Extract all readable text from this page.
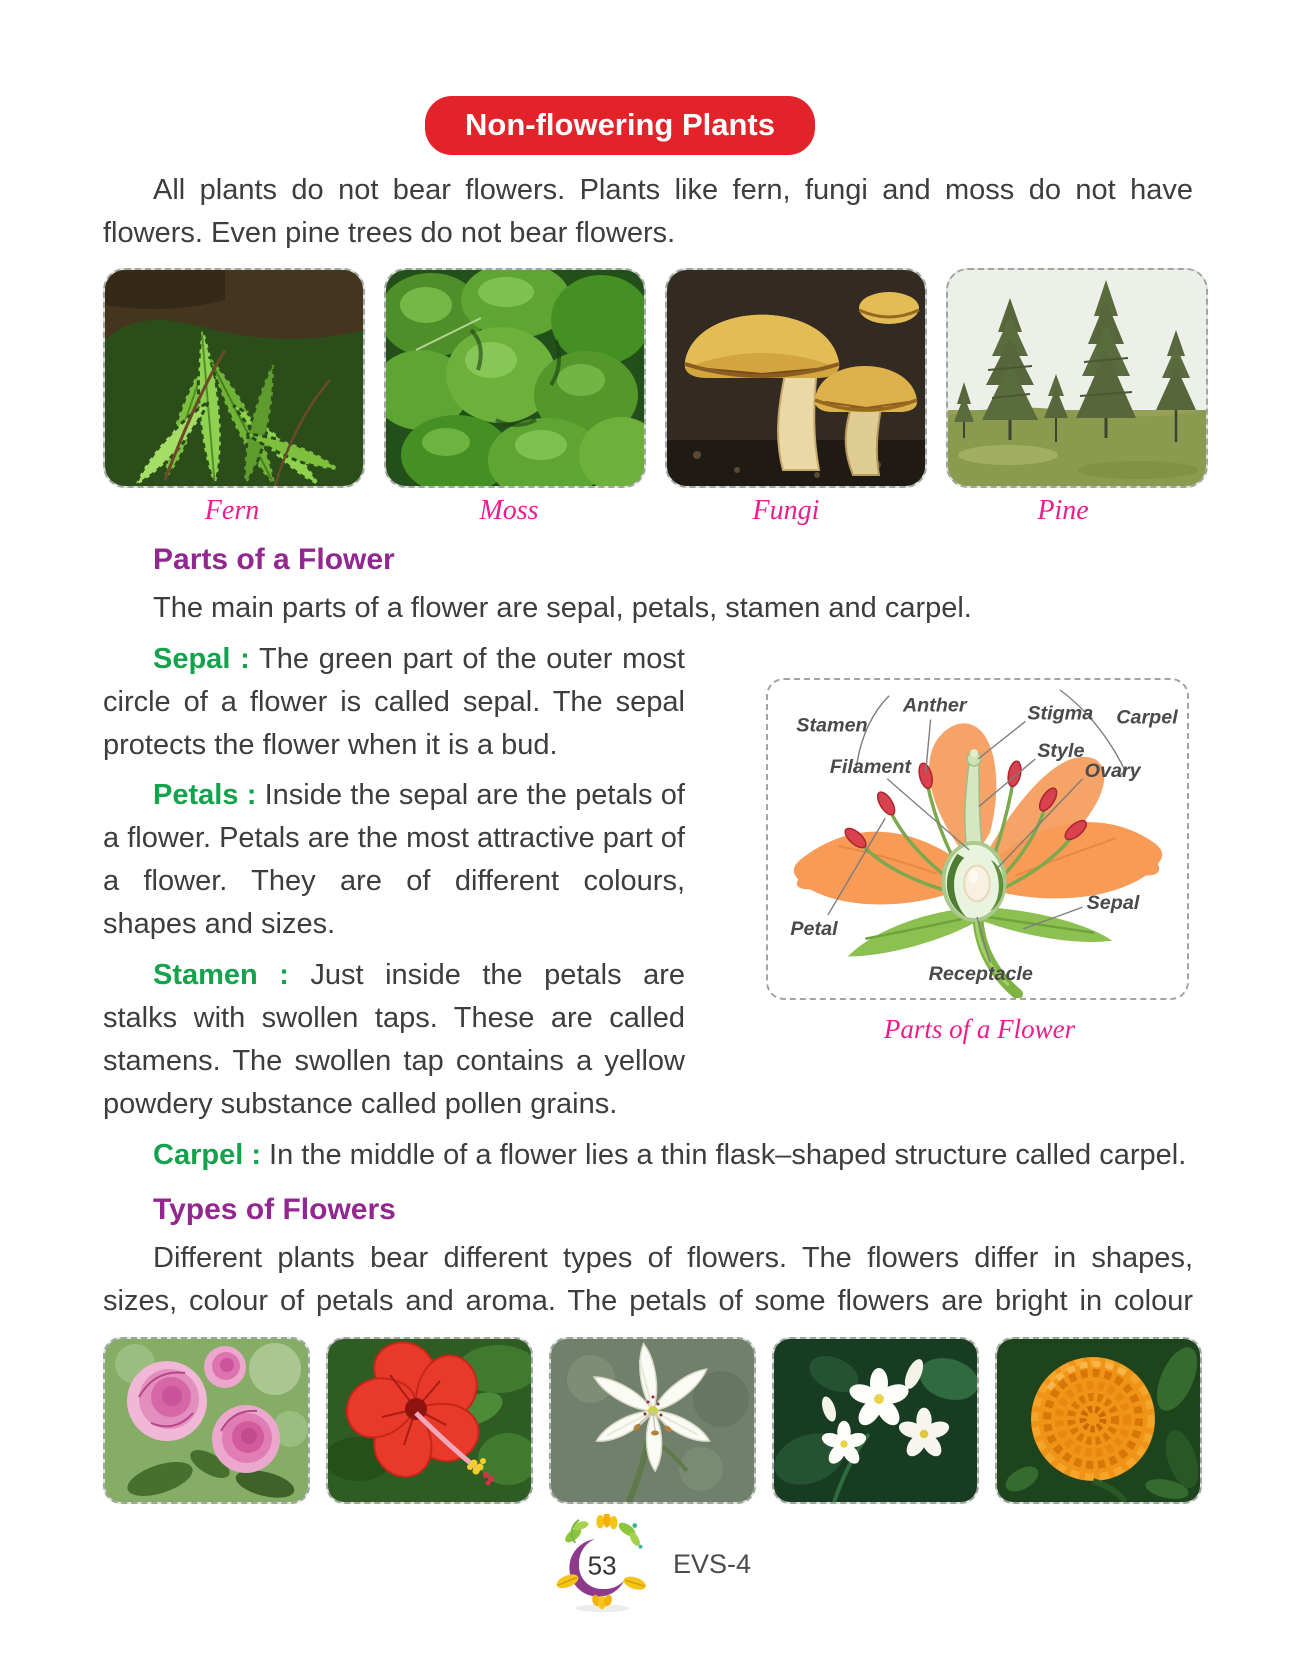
Non-flowering Plants

All plants do not bear flowers. Plants like fern, fungi and moss do not have flowers. Even pine trees do not bear flowers.

Fern	Moss	Fungi	Pine
Parts of a Flower

The main parts of a flower are sepal, petals, stamen and carpel.

Sepal : The green part of the outer most circle of a flower is called sepal. The sepal protects the flower when it is a bud.

Petals : Inside the sepal are the petals of a flower. Petals are the most attractive part of a flower. They are of different colours, shapes and sizes.

Stamen : Just inside the petals are stalks with swollen taps. These are called stamens. The swollen tap contains a yellow powdery substance called pollen grains.

Stamen
Anther
Filament
Stigma Carpel
Style
Ovary
Sepal
Petal
Receptacle
Parts of a Flower

Carpel : In the middle of a flower lies a thin flask–shaped structure called carpel.

Types of Flowers

Different plants bear different types of flowers. The flowers differ in shapes, sizes, colour of petals and aroma. The petals of some flowers are bright in colour

53 EVS-4
